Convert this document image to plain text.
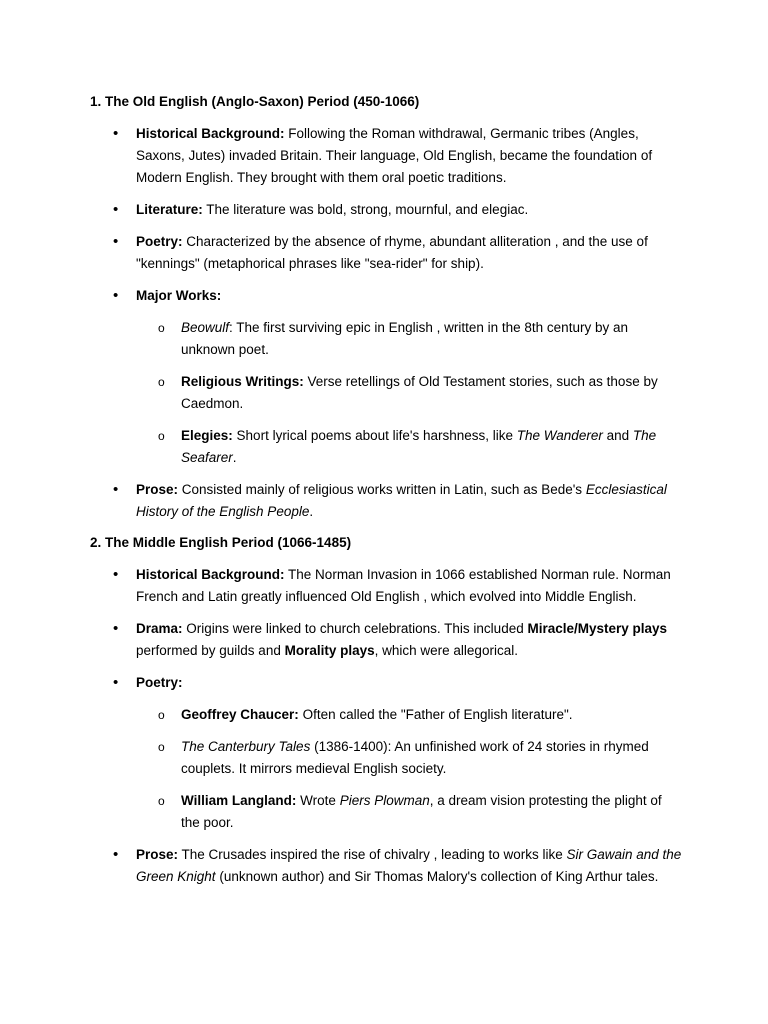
1. The Old English (Anglo-Saxon) Period (450-1066)
• Historical Background: Following the Roman withdrawal, Germanic tribes (Angles, Saxons, Jutes) invaded Britain. Their language, Old English, became the foundation of Modern English. They brought with them oral poetic traditions.
• Literature: The literature was bold, strong, mournful, and elegiac.
• Poetry: Characterized by the absence of rhyme, abundant alliteration , and the use of "kennings" (metaphorical phrases like "sea-rider" for ship).
• Major Works:
o Beowulf: The first surviving epic in English , written in the 8th century by an unknown poet.
o Religious Writings: Verse retellings of Old Testament stories, such as those by Caedmon.
o Elegies: Short lyrical poems about life's harshness, like The Wanderer and The Seafarer.
• Prose: Consisted mainly of religious works written in Latin, such as Bede's Ecclesiastical History of the English People.
2. The Middle English Period (1066-1485)
• Historical Background: The Norman Invasion in 1066 established Norman rule. Norman French and Latin greatly influenced Old English , which evolved into Middle English.
• Drama: Origins were linked to church celebrations. This included Miracle/Mystery plays performed by guilds and Morality plays, which were allegorical.
• Poetry:
o Geoffrey Chaucer: Often called the "Father of English literature".
o The Canterbury Tales (1386-1400): An unfinished work of 24 stories in rhymed couplets. It mirrors medieval English society.
o William Langland: Wrote Piers Plowman, a dream vision protesting the plight of the poor.
• Prose: The Crusades inspired the rise of chivalry , leading to works like Sir Gawain and the Green Knight (unknown author) and Sir Thomas Malory's collection of King Arthur tales.
